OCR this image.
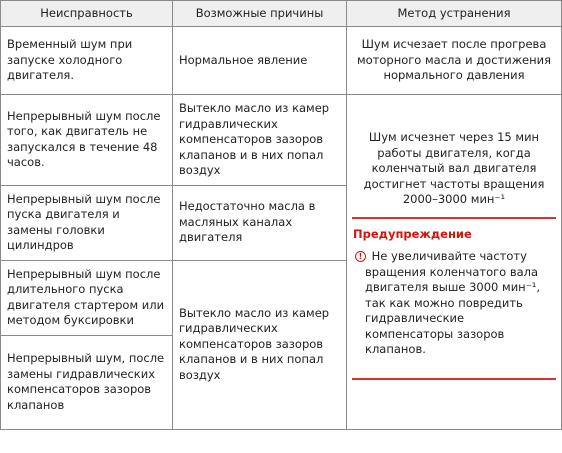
Неисправность	Возможные причины	Метод устранения
Временный шум при запуске холодного двигателя.	Нормальное явление	Шум исчезает после прогрева моторного масла и достижения нормального давления
Непрерывный шум после того, как двигатель не запускался в течение 48 часов.	Вытекло масло из камер гидравлических компенсаторов зазоров клапанов и в них попал воздух	Шум исчезнет через 15 мин работы двигателя, когда коленчатый вал двигателя достигнет частоты вращения 2000–3000 мин⁻¹
Предупреждение
! Не увеличивайте частоту вращения коленчатого вала двигателя выше 3000 мин⁻¹, так как можно повредить гидравлические компенсаторы зазоров клапанов.

Непрерывный шум после пуска двигателя и замены головки цилиндров	Недостаточно масла в масляных каналах двигателя	
Непрерывный шум после длительного пуска двигателя стартером или методом буксировки	Вытекло масло из камер гидравлических компенсаторов зазоров клапанов и в них попал воздух	
Непрерывный шум, после замены гидравлических компенсаторов зазоров клапанов		
